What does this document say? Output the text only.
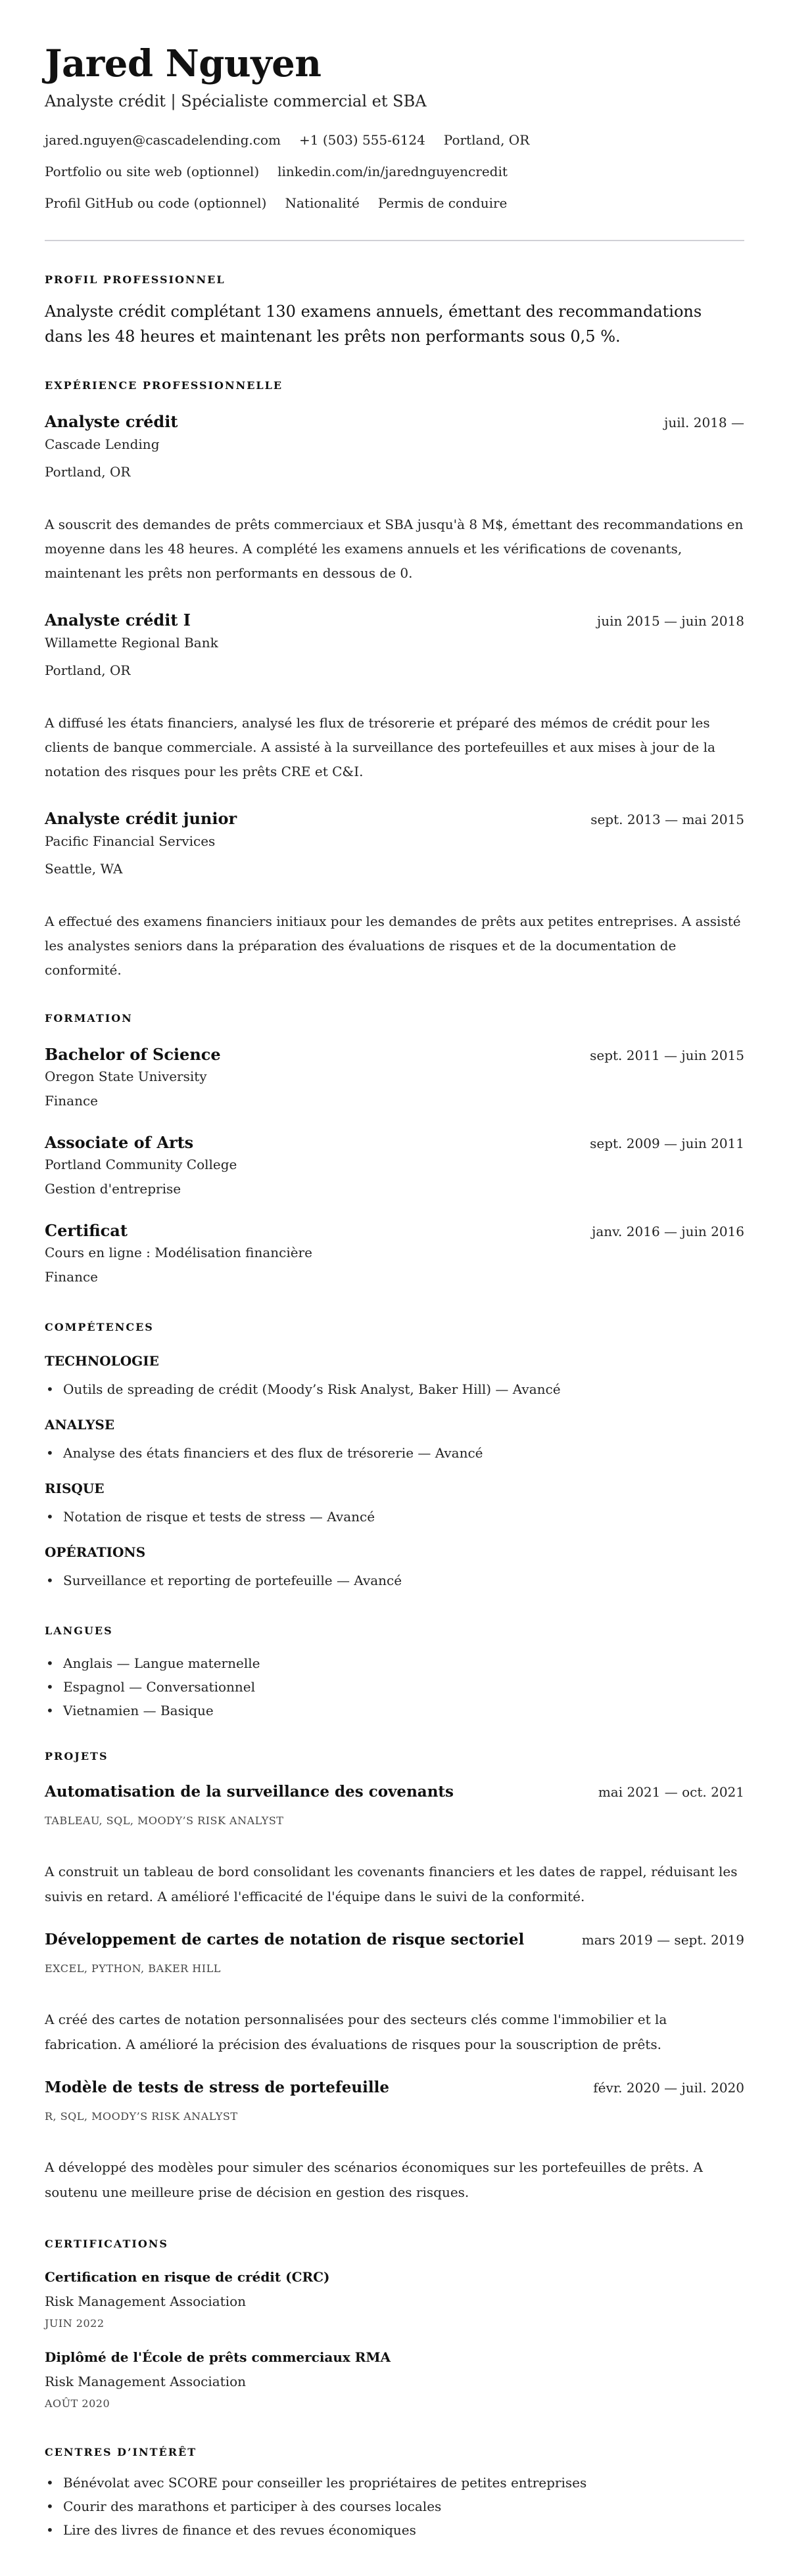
Jared Nguyen
Analyste crédit | Spécialiste commercial et SBA
jared.nguyen@cascadelending.com +1 (503) 555-6124 Portland, OR
Portfolio ou site web (optionnel) linkedin.com/in/jarednguyencredit
Profil GitHub ou code (optionnel) Nationalité Permis de conduire
PROFIL PROFESSIONNEL

Analyste crédit complétant 130 examens annuels, émettant des recommandations dans les 48 heures et maintenant les prêts non performants sous 0,5 %.

EXPÉRIENCE PROFESSIONNELLE
Analyste crédit	juil. 2018 —
Cascade Lending
Portland, OR

A souscrit des demandes de prêts commerciaux et SBA jusqu'à 8 M$, émettant des recommandations en moyenne dans les 48 heures. A complété les examens annuels et les vérifications de covenants, maintenant les prêts non performants en dessous de 0.

Analyste crédit I	juin 2015 — juin 2018
Willamette Regional Bank
Portland, OR

A diffusé les états financiers, analysé les flux de trésorerie et préparé des mémos de crédit pour les clients de banque commerciale. A assisté à la surveillance des portefeuilles et aux mises à jour de la notation des risques pour les prêts CRE et C&I.

Analyste crédit junior	sept. 2013 — mai 2015
Pacific Financial Services
Seattle, WA

A effectué des examens financiers initiaux pour les demandes de prêts aux petites entreprises. A assisté les analystes seniors dans la préparation des évaluations de risques et de la documentation de conformité.

FORMATION
Bachelor of Science	sept. 2011 — juin 2015
Oregon State University
Finance
Associate of Arts	sept. 2009 — juin 2011
Portland Community College
Gestion d'entreprise
Certificat	janv. 2016 — juin 2016
Cours en ligne : Modélisation financière
Finance
COMPÉTENCES
TECHNOLOGIE
• Outils de spreading de crédit (Moody’s Risk Analyst, Baker Hill) — Avancé
ANALYSE
• Analyse des états financiers et des flux de trésorerie — Avancé
RISQUE
• Notation de risque et tests de stress — Avancé
OPÉRATIONS
• Surveillance et reporting de portefeuille — Avancé
LANGUES
• Anglais — Langue maternelle
• Espagnol — Conversationnel
• Vietnamien — Basique
PROJETS
Automatisation de la surveillance des covenants	mai 2021 — oct. 2021
TABLEAU, SQL, MOODY’S RISK ANALYST

A construit un tableau de bord consolidant les covenants financiers et les dates de rappel, réduisant les suivis en retard. A amélioré l'efficacité de l'équipe dans le suivi de la conformité.

Développement de cartes de notation de risque sectoriel	mars 2019 — sept. 2019
EXCEL, PYTHON, BAKER HILL

A créé des cartes de notation personnalisées pour des secteurs clés comme l'immobilier et la fabrication. A amélioré la précision des évaluations de risques pour la souscription de prêts.

Modèle de tests de stress de portefeuille	févr. 2020 — juil. 2020
R, SQL, MOODY’S RISK ANALYST

A développé des modèles pour simuler des scénarios économiques sur les portefeuilles de prêts. A soutenu une meilleure prise de décision en gestion des risques.

CERTIFICATIONS
Certification en risque de crédit (CRC)
Risk Management Association
JUIN 2022
Diplômé de l'École de prêts commerciaux RMA
Risk Management Association
AOÛT 2020
CENTRES D’INTÉRÊT
• Bénévolat avec SCORE pour conseiller les propriétaires de petites entreprises
• Courir des marathons et participer à des courses locales
• Lire des livres de finance et des revues économiques
